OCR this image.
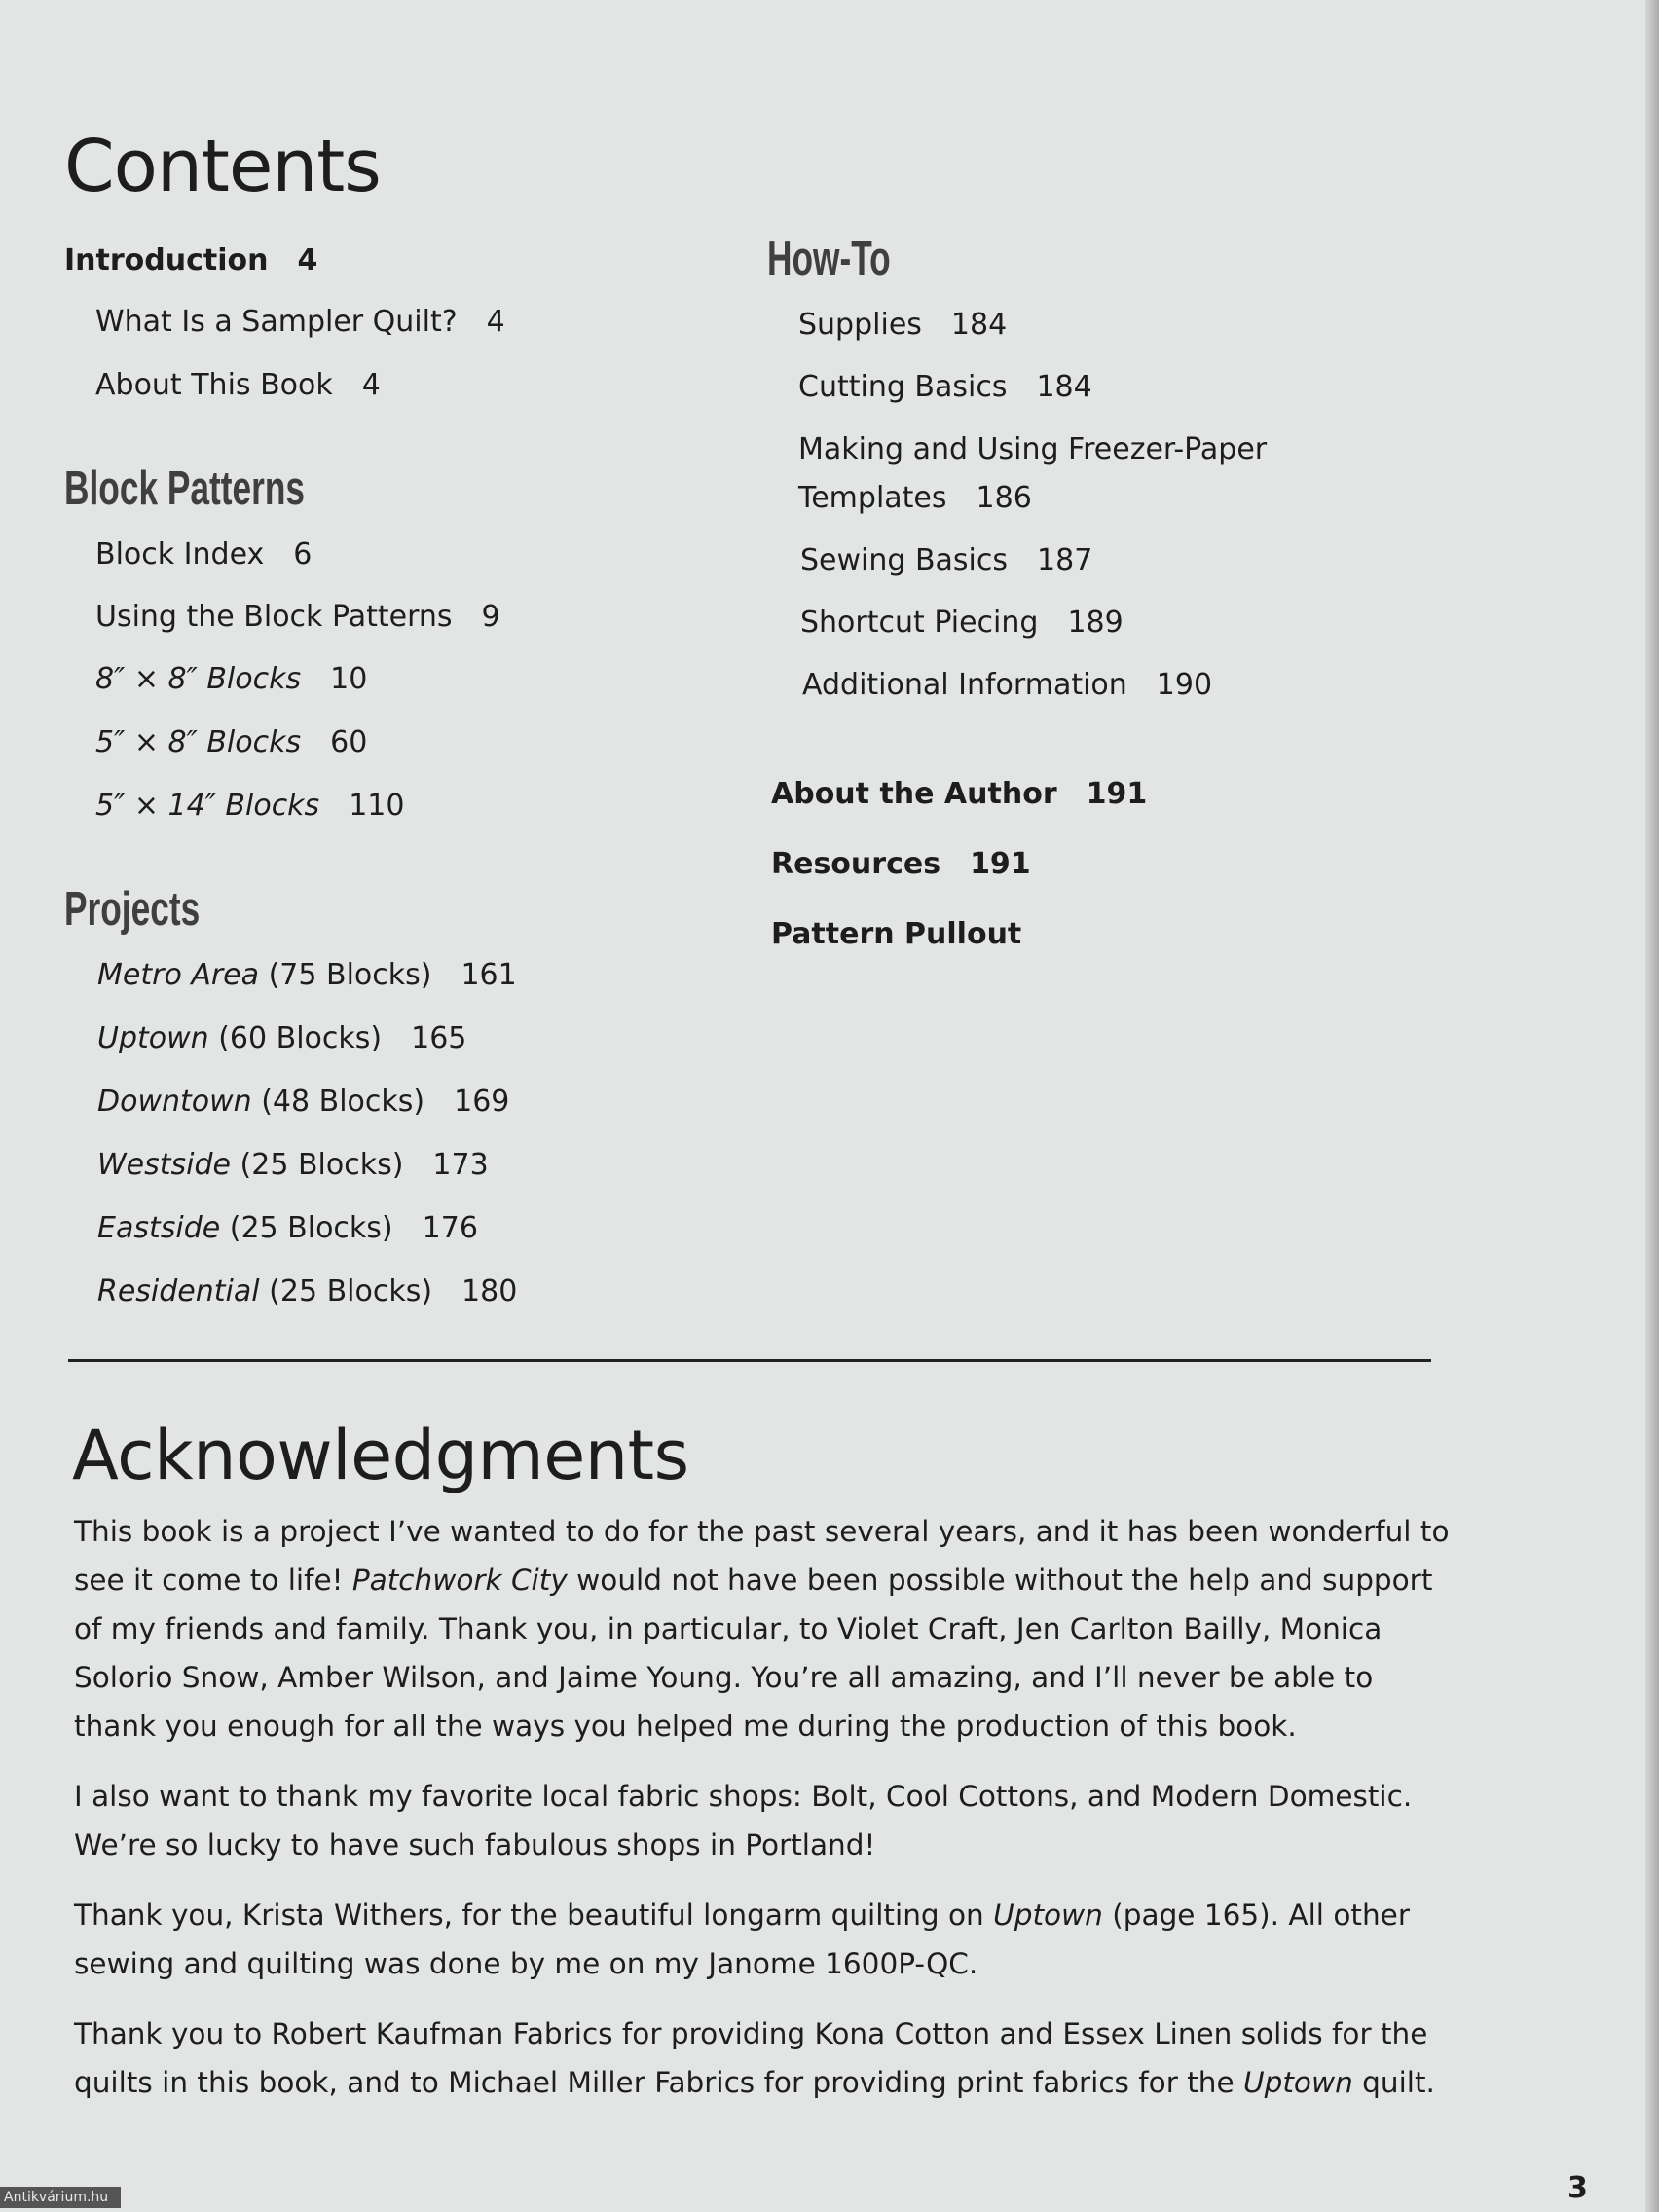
Contents
Introduction 4
What Is a Sampler Quilt? 4
About This Book 4
Block Patterns
Block Index 6
Using the Block Patterns 9
8″ × 8″ Blocks 10
5″ × 8″ Blocks 60
5″ × 14″ Blocks 110
Projects
Metro Area (75 Blocks) 161
Uptown (60 Blocks) 165
Downtown (48 Blocks) 169
Westside (25 Blocks) 173
Eastside (25 Blocks) 176
Residential (25 Blocks) 180
How-To
Supplies 184
Cutting Basics 184
Making and Using Freezer-Paper
Templates 186
Sewing Basics 187
Shortcut Piecing 189
Additional Information 190
About the Author 191
Resources 191
Pattern Pullout
Acknowledgments

This book is a project I’ve wanted to do for the past several years, and it has been wonderful to see it come to life! Patchwork City would not have been possible without the help and support of my friends and family. Thank you, in particular, to Violet Craft, Jen Carlton Bailly, Monica Solorio Snow, Amber Wilson, and Jaime Young. You’re all amazing, and I’ll never be able to thank you enough for all the ways you helped me during the production of this book.

I also want to thank my favorite local fabric shops: Bolt, Cool Cottons, and Modern Domestic. We’re so lucky to have such fabulous shops in Portland!

Thank you, Krista Withers, for the beautiful longarm quilting on Uptown (page 165). All other sewing and quilting was done by me on my Janome 1600P-QC.

Thank you to Robert Kaufman Fabrics for providing Kona Cotton and Essex Linen solids for the quilts in this book, and to Michael Miller Fabrics for providing print fabrics for the Uptown quilt.

Antikvárium.hu	3
